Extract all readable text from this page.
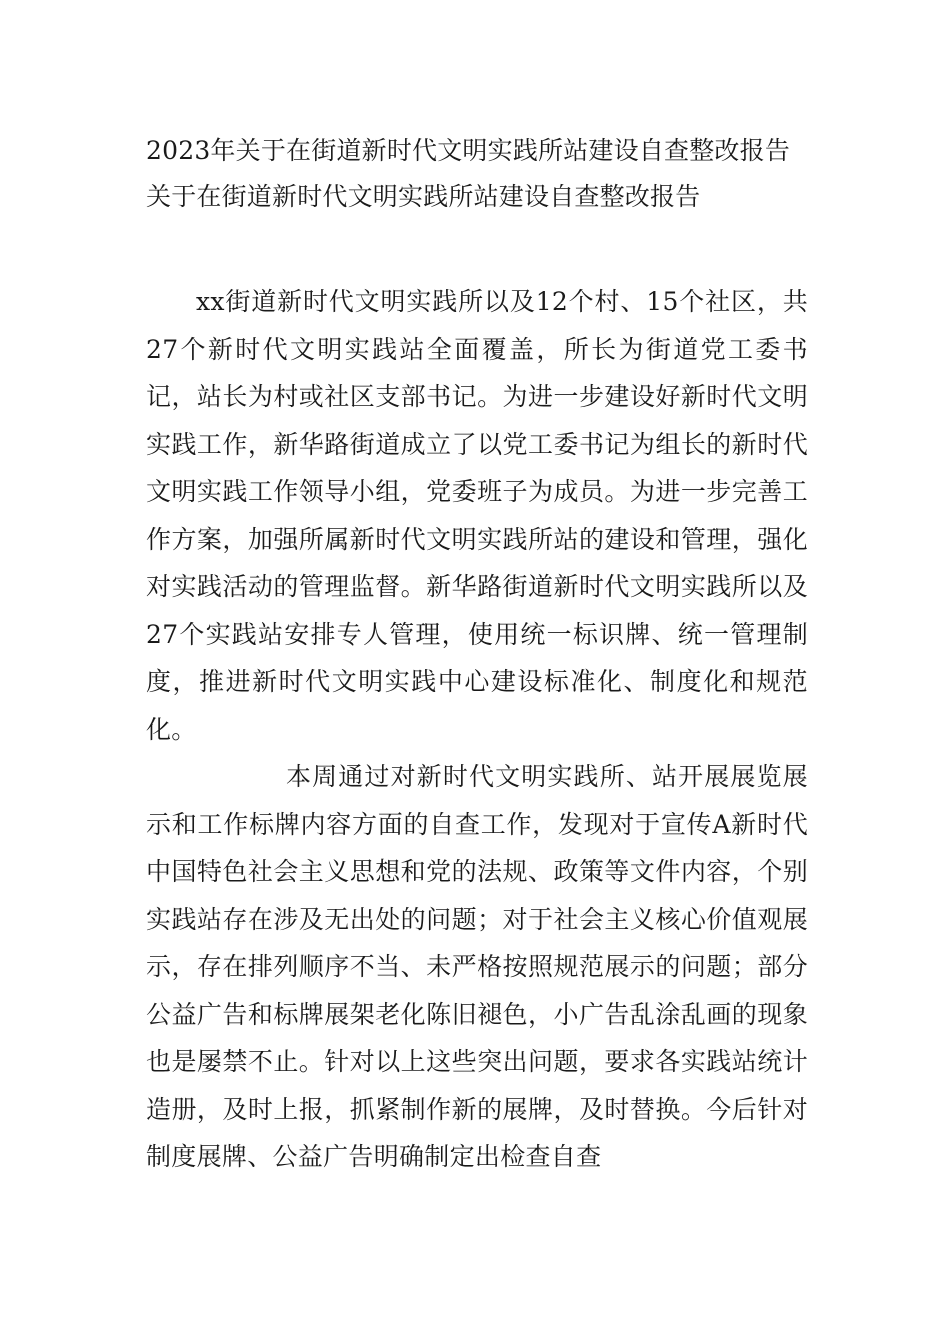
2023年关于在街道新时代文明实践所站建设自查整改报告
关于在街道新时代文明实践所站建设自查整改报告

xx街道新时代文明实践所以及12个村、15个社区，共27个新时代文明实践站全面覆盖，所长为街道党工委书记，站长为村或社区支部书记。为进一步建设好新时代文明实践工作，新华路街道成立了以党工委书记为组长的新时代文明实践工作领导小组，党委班子为成员。为进一步完善工作方案，加强所属新时代文明实践所站的建设和管理，强化对实践活动的管理监督。新华路街道新时代文明实践所以及27个实践站安排专人管理，使用统一标识牌、统一管理制度，推进新时代文明实践中心建设标准化、制度化和规范化。

本周通过对新时代文明实践所、站开展展览展示和工作标牌内容方面的自查工作，发现对于宣传A新时代中国特色社会主义思想和党的法规、政策等文件内容，个别实践站存在涉及无出处的问题；对于社会主义核心价值观展示，存在排列顺序不当、未严格按照规范展示的问题；部分公益广告和标牌展架老化陈旧褪色，小广告乱涂乱画的现象也是屡禁不止。针对以上这些突出问题，要求各实践站统计造册，及时上报，抓紧制作新的展牌，及时替换。今后针对制度展牌、公益广告明确制定出检查自查
